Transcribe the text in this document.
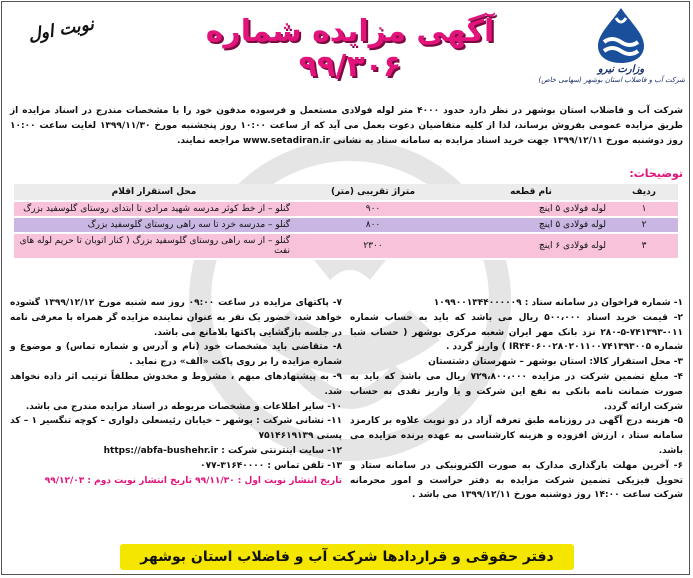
وزارت نیرو
شرکت آب و فاضلاب استان بوشهر (سهامی خاص)
آگهی مزایده شماره ۹۹/۳۰۶
نوبت اول
شرکت آب و فاضلاب استان بوشهر در نظر دارد حدود ۴۰۰۰ متر لوله فولادی مستعمل و فرسوده مدفون خود را با مشخصات مندرج در اسناد مزایده از طریق مزایده عمومی بفروش برساند، لذا از کلیه متقاضیان دعوت بعمل می آید که از ساعت ۱۰:۰۰ روز پنجشنبه مورخ ۱۳۹۹/۱۱/۳۰ لغایت ساعت ۱۰:۰۰ روز دوشنبه مورخ ۱۳۹۹/۱۲/۱۱ جهت خرید اسناد مزایده به سامانه ستاد به نشانی www.setadiran.ir مراجعه نمایند.
توضیحات:
ردیف	نام قطعه	متراژ تقریبی (متر)	محل استقرار اقلام
۱	لوله فولادی ۵ اینچ	۹۰۰	گنلو – از خط کوثر مدرسه شهید مرادی تا ابتدای روستای گلوسفید بزرگ
۲	لوله فولادی ۵ اینچ	۸۰۰	گنلو – مدرسه خرد تا سه راهی روستای گلوسفید بزرگ
۳	لوله فولادی ۶ اینچ	۲۳۰۰	گنلو – از سه راهی روستای گلوسفید بزرگ ( کنار اتوبان تا حریم لوله های نفت

۱- شماره فراخوان در سامانه ستاد : ۱۰۹۹۰۰۱۳۴۴۰۰۰۰۰۹

۲- قیمت خرید اسناد ۵۰۰،۰۰۰ ریال می باشد که باید به حساب شماره ۰۱۱-۷۴۱۳۹۳-۵-۲۸۰ نزد بانک مهر ایران شعبه مرکزی بوشهر ( حساب شبا شماره IR۴۴۰۶۰۰۲۸۰۲۰۱۱۰۰۷۴۱۳۹۳۰۰۵ ) واریز گردد .

۳- محل استقرار کالا: استان بوشهر – شهرستان دشتستان

۴- مبلغ تضمین شرکت در مزایده ۷۲۹،۸۰۰،۰۰۰ ریال می باشد که باید به صورت ضمانت نامه بانکی به نفع این شرکت و یا واریز نقدی به حساب شرکت ارائه گردد.

۵- هزینه درج آگهی در روزنامه طبق تعرفه آزاد در دو نوبت علاوه بر کارمزد سامانه ستاد ، ارزش افزوده و هزینه کارشناسی به عهده برنده مزایده می باشد.

۶- آخرین مهلت بارگذاری مدارک به صورت الکترونیکی در سامانه ستاد و تحویل فیزیکی تضمین شرکت مزایده به دفتر حراست و امور محرمانه شرکت ساعت ۱۴:۰۰ روز دوشنبه مورخ ۱۳۹۹/۱۲/۱۱ می باشد .

۷- پاکتهای مزایده در ساعت ۰۹:۰۰ روز سه شنبه مورخ ۱۳۹۹/۱۲/۱۲ گشوده خواهد شد، حضور یک نفر به عنوان نماینده مزایده گر همراه با معرفی نامه در جلسه بازگشایی پاکتها بلامانع می باشد.

۸- متقاضی باید مشخصات خود (نام و آدرس و شماره تماس) و موضوع و شماره مزایده را بر روی پاکت «الف» درج نماید .

۹- به پیشنهادهای مبهم ، مشروط و مخدوش مطلقاً ترتیب اثر داده نخواهد شد.

۱۰- سایر اطلاعات و مشخصات مربوطه در اسناد مزایده مندرج می باشد.

۱۱- نشانی شرکت : بوشهر – خیابان رئیسعلی دلواری – کوچه تنگسیر ۱ – کد پستی ۷۵۱۴۶۱۹۱۳۹

۱۲- سایت اینترنتی شرکت : https://abfa-bushehr.ir

۱۳- تلفن تماس : ۳۱۶۴۰۰۰۰-۰۷۷

تاریخ انتشار نوبت اول : ۹۹/۱۱/۳۰ تاریخ انتشار نوبت دوم : ۹۹/۱۲/۰۳

دفتر حقوقی و قراردادها شرکت آب و فاضلاب استان بوشهر
